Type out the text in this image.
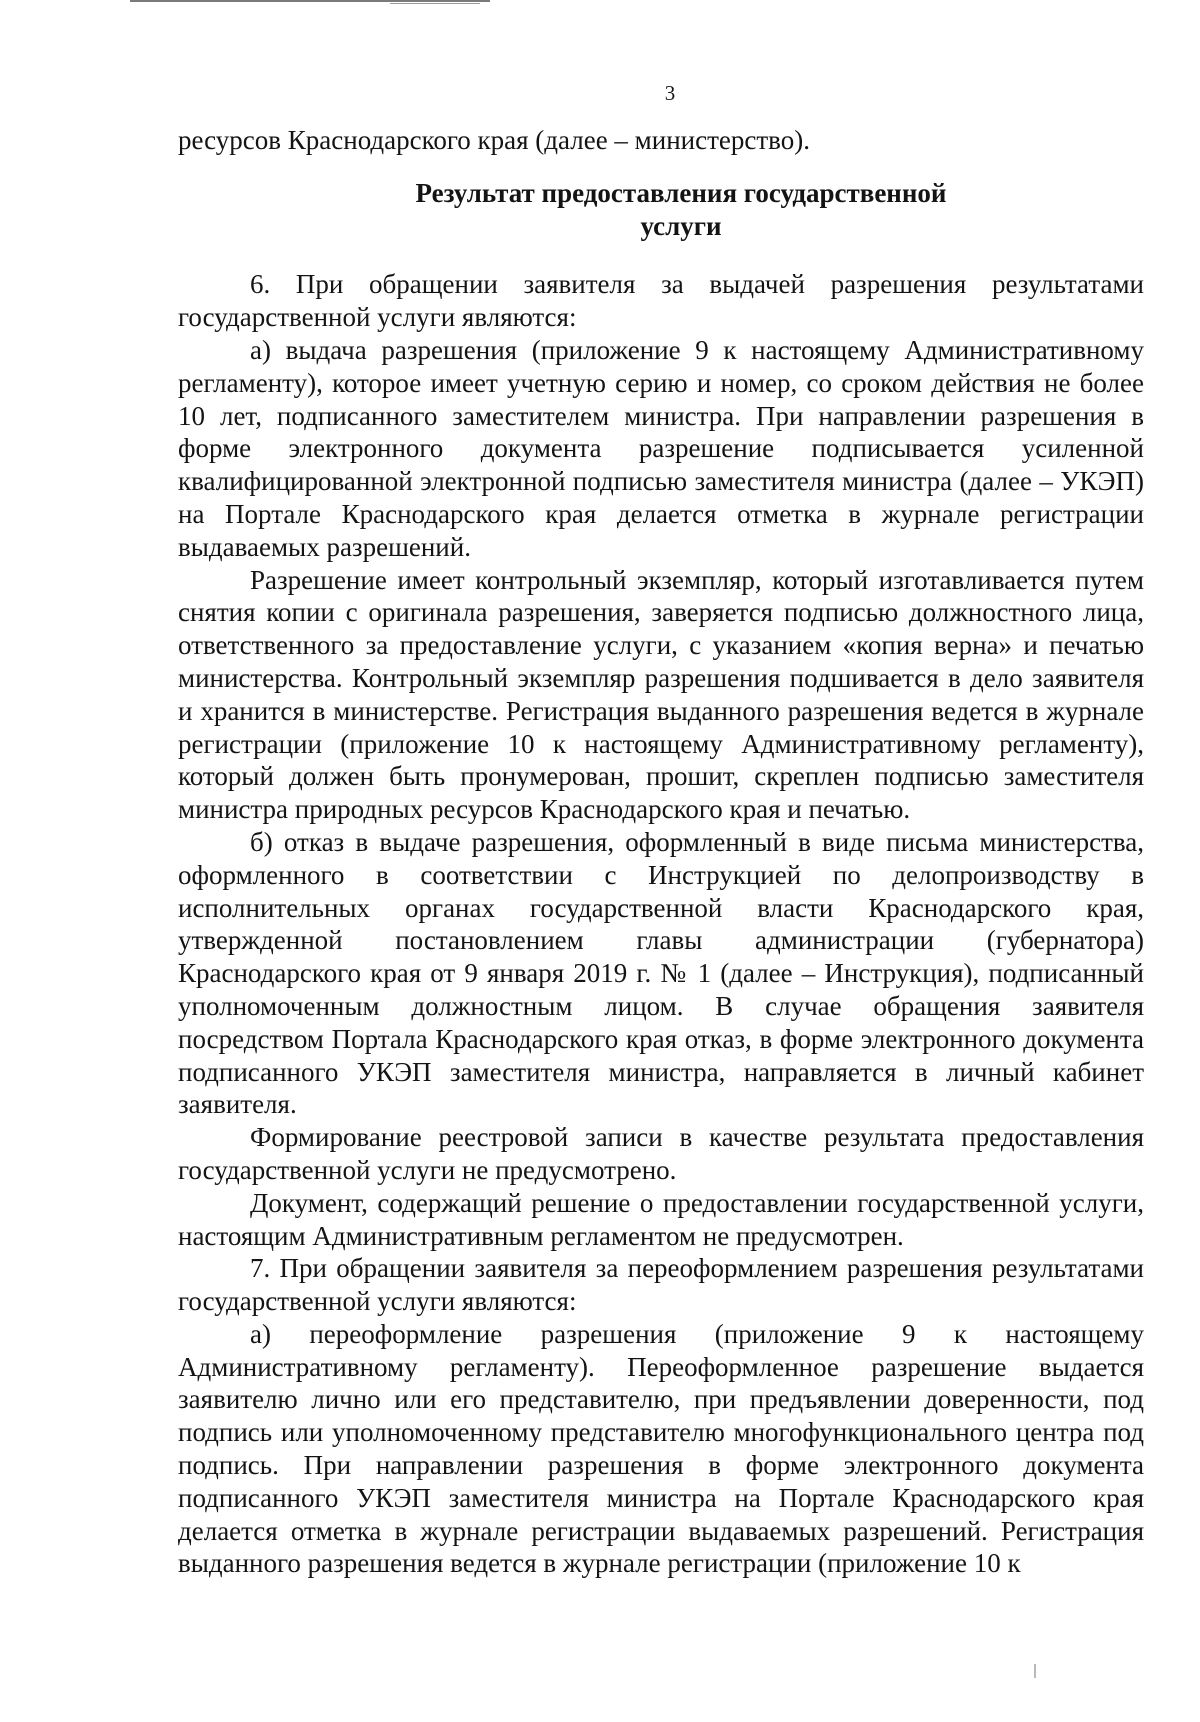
3

ресурсов Краснодарского края (далее – министерство).

Результат предоставления государственной
услуги

6. При обращении заявителя за выдачей разрешения результатами государственной услуги являются:

а) выдача разрешения (приложение 9 к настоящему Административному регламенту), которое имеет учетную серию и номер, со сроком действия не более 10 лет, подписанного заместителем министра. При направлении разрешения в форме электронного документа разрешение подписывается усиленной квалифицированной электронной подписью заместителя министра (далее – УКЭП) на Портале Краснодарского края делается отметка в журнале регистрации выдаваемых разрешений.

Разрешение имеет контрольный экземпляр, который изготавливается путем снятия копии с оригинала разрешения, заверяется подписью должностного лица, ответственного за предоставление услуги, с указанием «копия верна» и печатью министерства. Контрольный экземпляр разрешения подшивается в дело заявителя и хранится в министерстве. Регистрация выданного разрешения ведется в журнале регистрации (приложение 10 к настоящему Административному регламенту), который должен быть пронумерован, прошит, скреплен подписью заместителя министра природных ресурсов Краснодарского края и печатью.

б) отказ в выдаче разрешения, оформленный в виде письма министерства, оформленного в соответствии с Инструкцией по делопроизводству в исполнительных органах государственной власти Краснодарского края, утвержденной постановлением главы администрации (губернатора) Краснодарского края от 9 января 2019 г. № 1 (далее – Инструкция), подписанный уполномоченным должностным лицом. В случае обращения заявителя посредством Портала Краснодарского края отказ, в форме электронного документа подписанного УКЭП заместителя министра, направляется в личный кабинет заявителя.

Формирование реестровой записи в качестве результата предоставления государственной услуги не предусмотрено.

Документ, содержащий решение о предоставлении государственной услуги, настоящим Административным регламентом не предусмотрен.

7. При обращении заявителя за переоформлением разрешения результатами государственной услуги являются:

а) переоформление разрешения (приложение 9 к настоящему Административному регламенту). Переоформленное разрешение выдается заявителю лично или его представителю, при предъявлении доверенности, под подпись или уполномоченному представителю многофункционального центра под подпись. При направлении разрешения в форме электронного документа подписанного УКЭП заместителя министра на Портале Краснодарского края делается отметка в журнале регистрации выдаваемых разрешений. Регистрация выданного разрешения ведется в журнале регистрации (приложение 10 к
